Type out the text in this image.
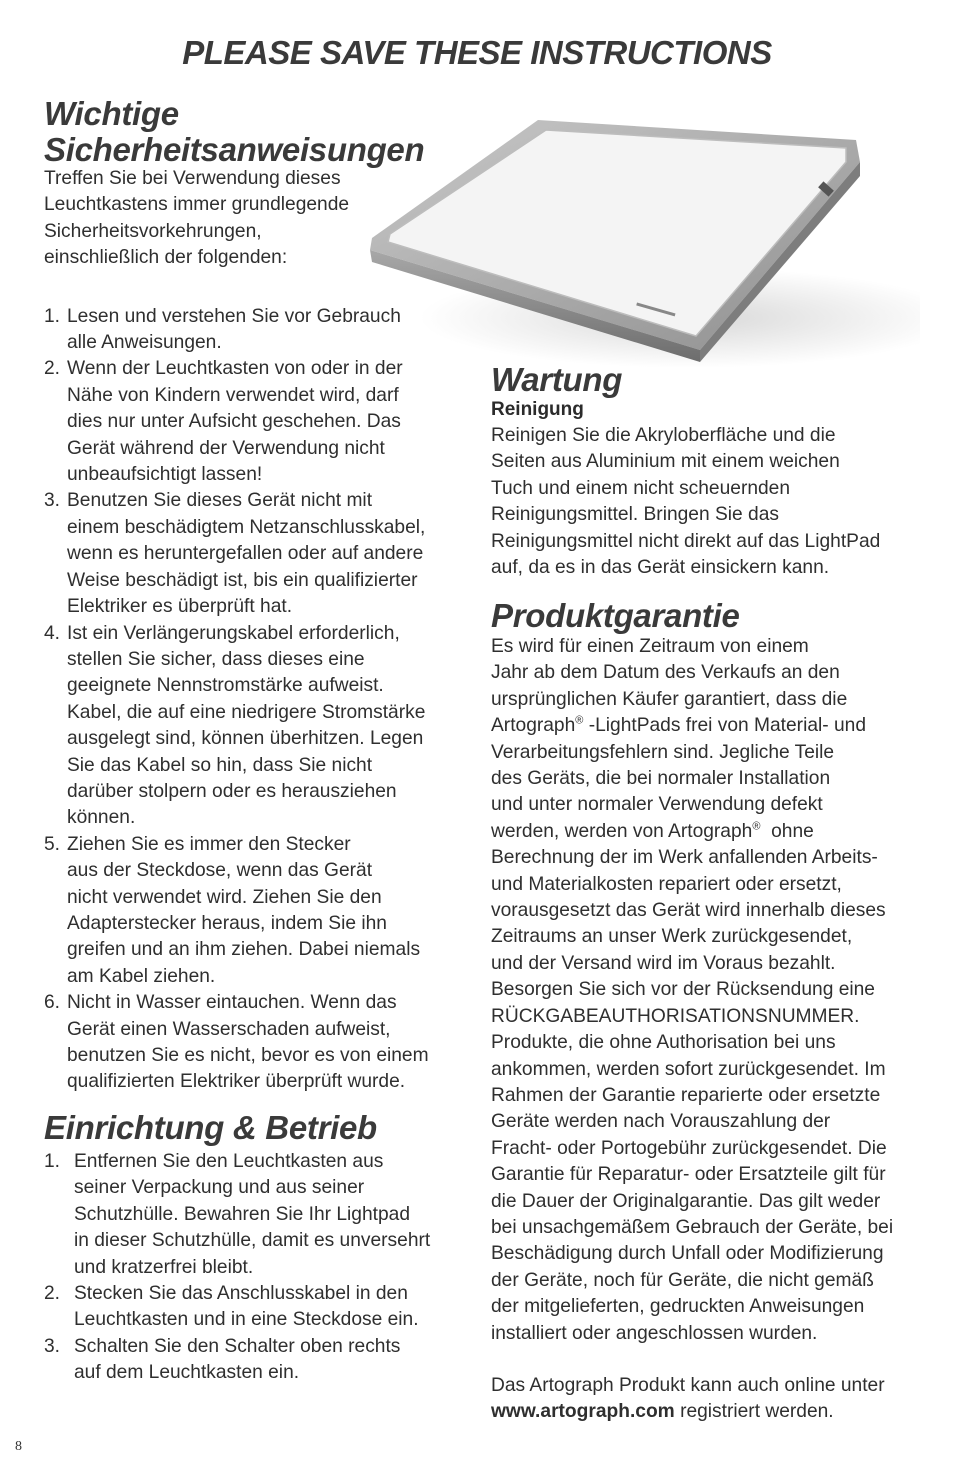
PLEASE SAVE THESE INSTRUCTIONS
Wichtige
Sicherheitsanweisungen
Treffen Sie bei Verwendung dieses
Leuchtkastens immer grundlegende
Sicherheitsvorkehrungen,
einschließlich der folgenden:
1. Lesen und verstehen Sie vor Gebrauch
alle Anweisungen.
2. Wenn der Leuchtkasten von oder in der
Nähe von Kindern verwendet wird, darf
dies nur unter Aufsicht geschehen. Das
Gerät während der Verwendung nicht
unbeaufsichtigt lassen!
3. Benutzen Sie dieses Gerät nicht mit
einem beschädigtem Netzanschlusskabel,
wenn es heruntergefallen oder auf andere
Weise beschädigt ist, bis ein qualifizierter
Elektriker es überprüft hat.
4. Ist ein Verlängerungskabel erforderlich,
stellen Sie sicher, dass dieses eine
geeignete Nennstromstärke aufweist.
Kabel, die auf eine niedrigere Stromstärke
ausgelegt sind, können überhitzen. Legen
Sie das Kabel so hin, dass Sie nicht
darüber stolpern oder es herausziehen
können.
5. Ziehen Sie es immer den Stecker
aus der Steckdose, wenn das Gerät
nicht verwendet wird. Ziehen Sie den
Adapterstecker heraus, indem Sie ihn
greifen und an ihm ziehen. Dabei niemals
am Kabel ziehen.
6. Nicht in Wasser eintauchen. Wenn das
Gerät einen Wasserschaden aufweist,
benutzen Sie es nicht, bevor es von einem
qualifizierten Elektriker überprüft wurde.
Einrichtung & Betrieb
1. Entfernen Sie den Leuchtkasten aus
seiner Verpackung und aus seiner
Schutzhülle. Bewahren Sie Ihr Lightpad
in dieser Schutzhülle, damit es unversehrt
und kratzerfrei bleibt.
2. Stecken Sie das Anschlusskabel in den
Leuchtkasten und in eine Steckdose ein.
3. Schalten Sie den Schalter oben rechts
auf dem Leuchtkasten ein.
Wartung
Reinigung
Reinigen Sie die Akryloberfläche und die
Seiten aus Aluminium mit einem weichen
Tuch und einem nicht scheuernden
Reinigungsmittel. Bringen Sie das
Reinigungsmittel nicht direkt auf das LightPad
auf, da es in das Gerät einsickern kann.
Produktgarantie
Es wird für einen Zeitraum von einem
Jahr ab dem Datum des Verkaufs an den
ursprünglichen Käufer garantiert, dass die
Artograph® -LightPads frei von Material- und
Verarbeitungsfehlern sind. Jegliche Teile
des Geräts, die bei normaler Installation
und unter normaler Verwendung defekt
werden, werden von Artograph®  ohne
Berechnung der im Werk anfallenden Arbeits-
und Materialkosten repariert oder ersetzt,
vorausgesetzt das Gerät wird innerhalb dieses
Zeitraums an unser Werk zurückgesendet,
und der Versand wird im Voraus bezahlt.
Besorgen Sie sich vor der Rücksendung eine
RÜCKGABEAUTHORISATIONSNUMMER.
Produkte, die ohne Authorisation bei uns
ankommen, werden sofort zurückgesendet. Im
Rahmen der Garantie reparierte oder ersetzte
Geräte werden nach Vorauszahlung der
Fracht- oder Portogebühr zurückgesendet. Die
Garantie für Reparatur- oder Ersatzteile gilt für
die Dauer der Originalgarantie. Das gilt weder
bei unsachgemäßem Gebrauch der Geräte, bei
Beschädigung durch Unfall oder Modifizierung
der Geräte, noch für Geräte, die nicht gemäß
der mitgelieferten, gedruckten Anweisungen
installiert oder angeschlossen wurden.
Das Artograph Produkt kann auch online unter
www.artograph.com registriert werden.
8
